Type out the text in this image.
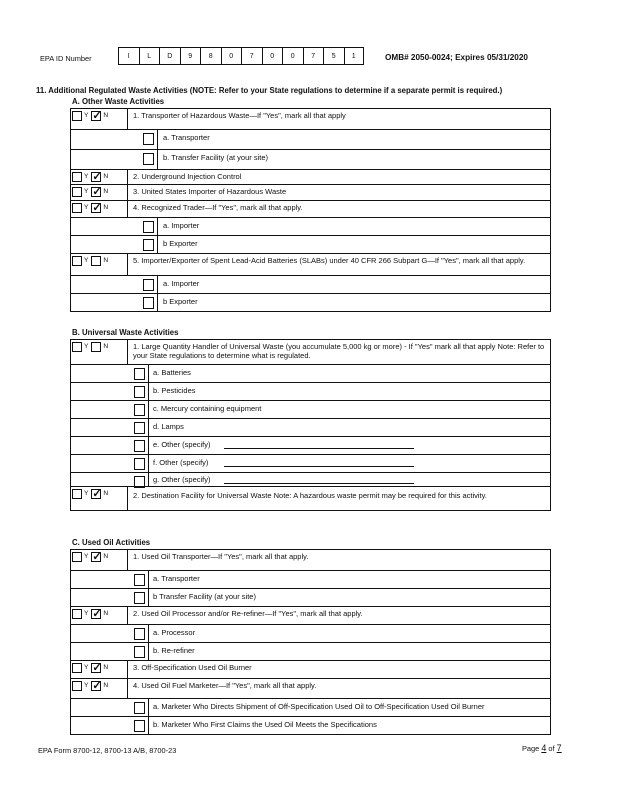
EPA ID Number	I	L	D	9	8	0	7	0	0	7	5	1	OMB# 2050-0024; Expires 05/31/2020
11. Additional Regulated Waste Activities (NOTE: Refer to your State regulations to determine if a separate permit is required.)
A. Other Waste Activities
Y ✓ N	1. Transporter of Hazardous Waste—If "Yes", mark all that apply
a. Transporter
b. Transfer Facility (at your site)
Y ✓ N	2. Underground Injection Control
Y ✓ N	3. United States Importer of Hazardous Waste
Y ✓ N	4. Recognized Trader—If "Yes", mark all that apply.
a. Importer
b Exporter
Y N	5. Importer/Exporter of Spent Lead-Acid Batteries (SLABs) under 40 CFR 266 Subpart G—If "Yes", mark all that apply.
a. Importer
b Exporter
B. Universal Waste Activities
Y N	1. Large Quantity Handler of Universal Waste (you accumulate 5,000 kg or more) - If "Yes" mark all that apply Note: Refer to your State regulations to determine what is regulated.
a. Batteries
b. Pesticides
c. Mercury containing equipment
d. Lamps
e. Other (specify)
f. Other (specify)
g. Other (specify)
Y ✓ N	2. Destination Facility for Universal Waste Note: A hazardous waste permit may be required for this activity.
C. Used Oil Activities
Y ✓ N	1. Used Oil Transporter—If "Yes", mark all that apply.
a. Transporter
b Transfer Facility (at your site)
Y ✓ N	2. Used Oil Processor and/or Re-refiner—If "Yes", mark all that apply.
a. Processor
b. Re-refiner
Y ✓ N	3. Off-Specification Used Oil Burner
Y ✓ N	4. Used Oil Fuel Marketer—If "Yes", mark all that apply.
a. Marketer Who Directs Shipment of Off-Specification Used Oil to Off-Specification Used Oil Burner
b. Marketer Who First Claims the Used Oil Meets the Specifications
EPA Form 8700-12, 8700-13 A/B, 8700-23	Page 4 of 7
